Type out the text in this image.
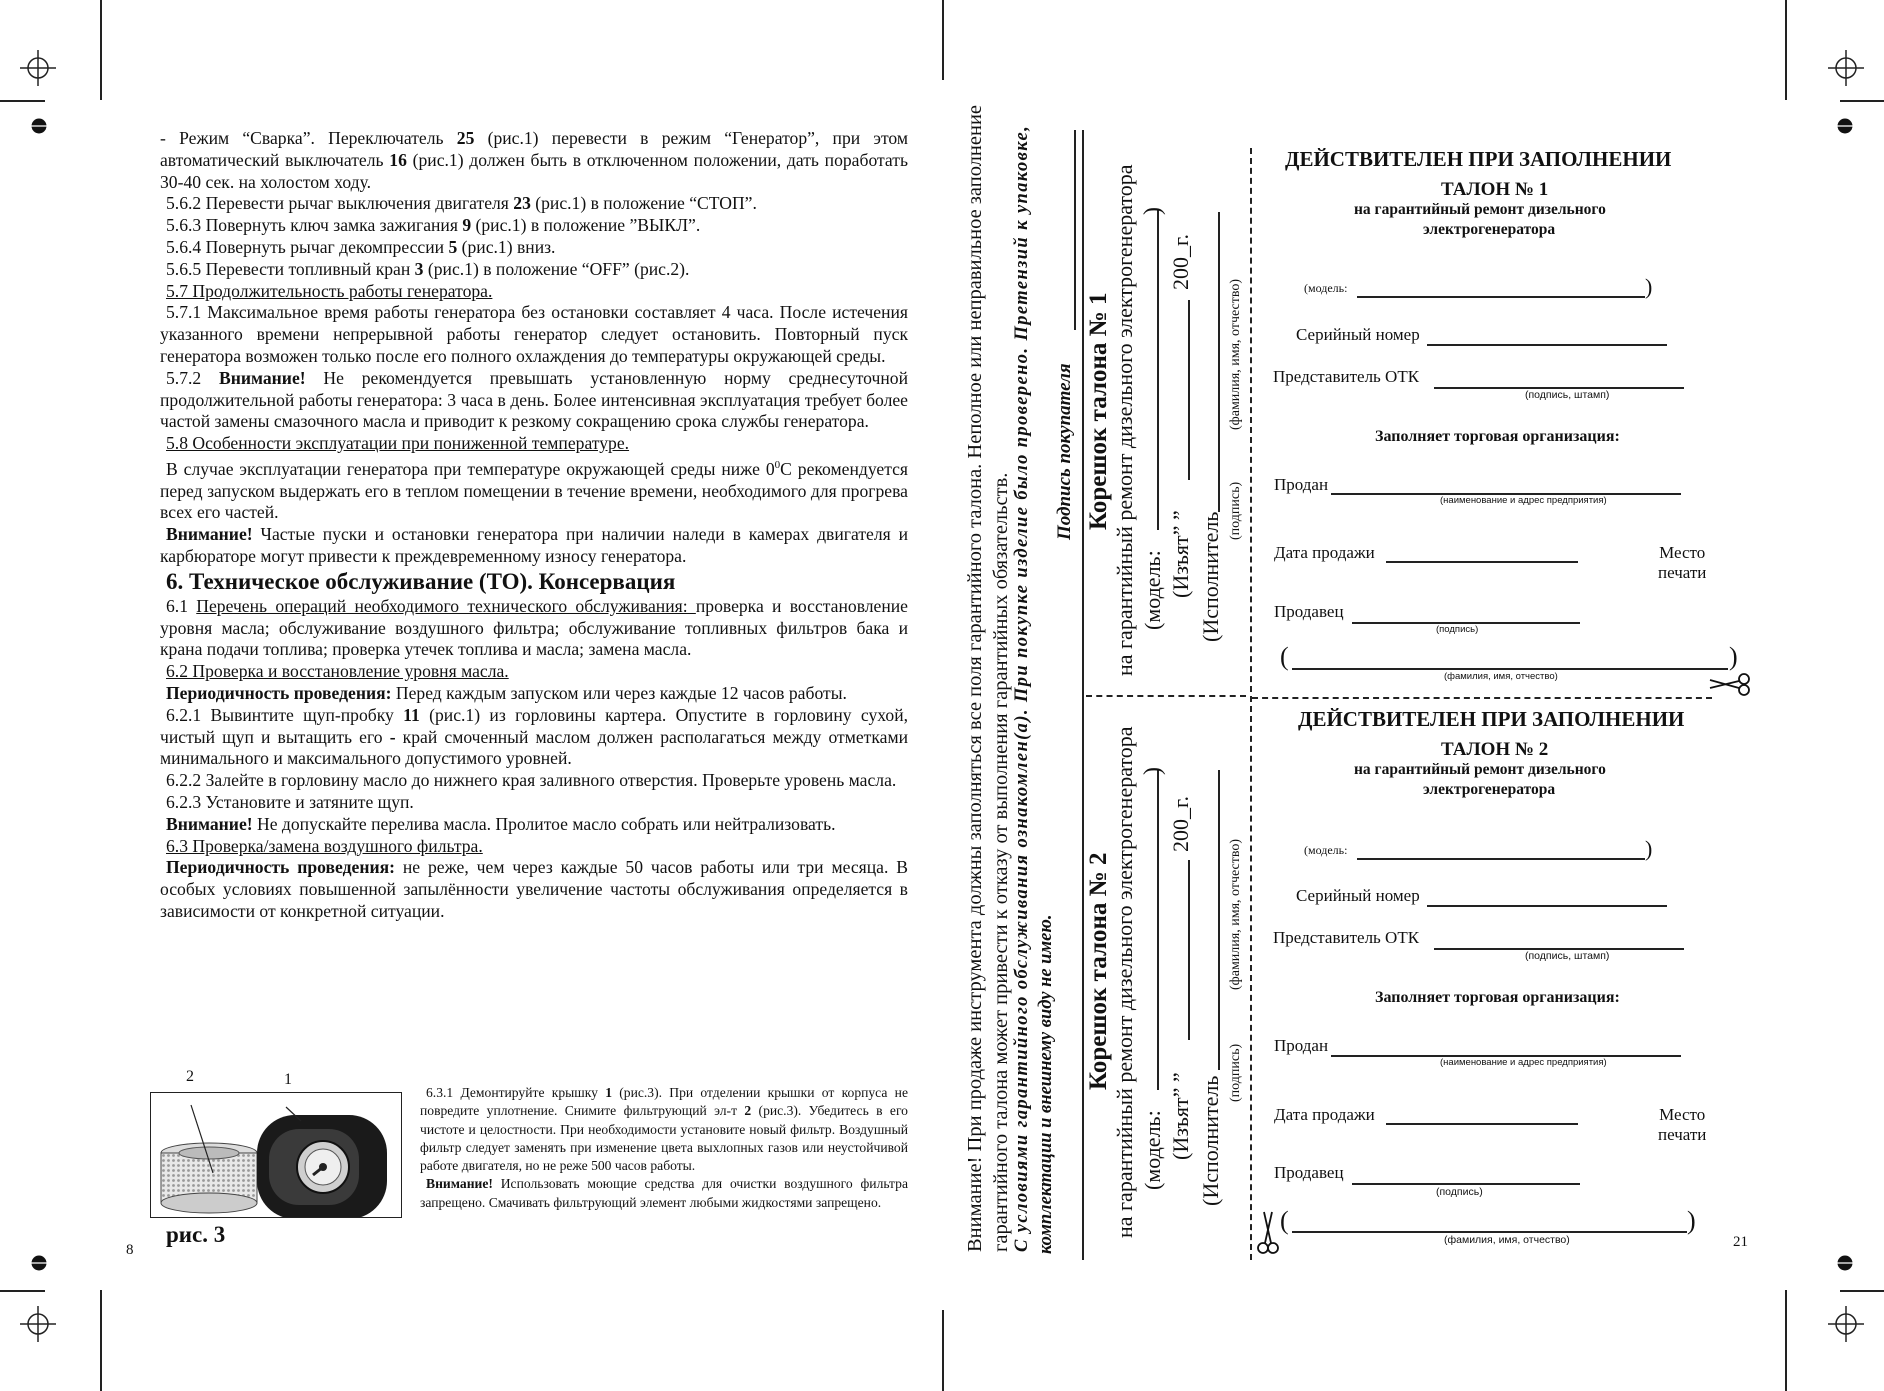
- Режим “Сварка”. Переключатель 25 (рис.1) перевести в режим “Генератор”, при этом автоматический выключатель 16 (рис.1) должен быть в отключенном положении, дать поработать 30-40 сек. на холостом ходу.

5.6.2 Перевести рычаг выключения двигателя 23 (рис.1) в положение “СТОП”.

5.6.3 Повернуть ключ замка зажигания 9 (рис.1) в положение ”ВЫКЛ”.

5.6.4 Повернуть рычаг декомпрессии 5 (рис.1) вниз.

5.6.5 Перевести топливный кран 3 (рис.1) в положение “OFF” (рис.2).

5.7 Продолжительность работы генератора.

5.7.1 Максимальное время работы генератора без остановки составляет 4 часа. После истечения указанного времени непрерывной работы генератор следует остановить. Повторный пуск генератора возможен только после его полного охлаждения до температуры окружающей среды.

5.7.2 Внимание! Не рекомендуется превышать установленную норму среднесуточной продолжительной работы генератора: 3 часа в день. Более интенсивная эксплуатация требует более частой замены смазочного масла и приводит к резкому сокращению срока службы генератора.

5.8 Особенности эксплуатации при пониженной температуре.

В случае эксплуатации генератора при температуре окружающей среды ниже $0^0С$ рекомендуется перед запуском выдержать его в теплом помещении в течение времени, необходимого для прогрева всех его частей.

Внимание! Частые пуски и остановки генератора при наличии наледи в камерах двигателя и карбюраторе могут привести к преждевременному износу генератора.

6. Техническое обслуживание (ТО). Консервация

6.1 Перечень операций необходимого технического обслуживания: проверка и восстановление уровня масла; обслуживание воздушного фильтра; обслуживание топливных фильтров бака и крана подачи топлива; проверка утечек топлива и масла; замена масла.

6.2 Проверка и восстановление уровня масла.

Периодичность проведения: Перед каждым запуском или через каждые 12 часов работы.

6.2.1 Вывинтите щуп-пробку 11 (рис.1) из горловины картера. Опустите в горловину сухой, чистый щуп и вытащить его - край смоченный маслом должен располагаться между отметками минимального и максимального допустимого уровней.

6.2.2 Залейте в горловину масло до нижнего края заливного отверстия. Проверьте уровень масла.

6.2.3 Установите и затяните щуп.

Внимание! Не допускайте перелива масла. Пролитое масло собрать или нейтрализовать.

6.3 Проверка/замена воздушного фильтра.

Периодичность проведения: не реже, чем через каждые 50 часов работы или три месяца. В особых условиях повышенной запылённости увеличение частоты обслуживания определяется в зависимости от конкретной ситуации.

2	1
рис. 3

6.3.1 Демонтируйте крышку 1 (рис.3). При отделении крышки от корпуса не повредите уплотнение. Снимите фильтрующий эл-т 2 (рис.3). Убедитесь в его чистоте и целостности. При необходимости установите новый фильтр. Воздушный фильтр следует заменять при изменение цвета выхлопных газов или неустойчивой работе двигателя, но не реже 500 часов работы.

Внимание! Использовать моющие средства для очистки воздушного фильтра запрещено. Смачивать фильтрующий элемент любыми жидкостями запрещено.

8	Внимание! При продаже инструмента должны заполняться все поля гарантийного талона. Неполное или неправильное заполнение гарантийного талона может привести к отказу от выполнения гарантийных обязательств. С условиями гарантийного обслуживания ознакомлен(а). При покупке изделие было проверено. Претензий к упаковке, комплектации и внешнему виду не имею.
Подпись покупателя Корешок талона № 1 на гарантийный ремонт дизельного электрогенератора (модель:
)
(Изъят” ”
200_г.
(Исполнитель
(подпись)
(фамилия, имя, отчество)
Корешок талона № 2 на гарантийный ремонт дизельного электрогенератора (модель:
)
(Изъят” ”
200_г.
(Исполнитель
(подпись)
(фамилия, имя, отчество)
ДЕЙСТВИТЕЛЕН ПРИ ЗАПОЛНЕНИИ
ТАЛОН № 1
на гарантийный ремонт дизельного
электрогенератора
(модель:	)
Серийный номер
Представитель ОТК
(подпись, штамп)
Заполняет торговая организация:
Продан
(наименование и адрес предприятия)
Дата продажи	Место
печати
Продавец
(подпись)
(	)
(фамилия, имя, отчество)
ДЕЙСТВИТЕЛЕН ПРИ ЗАПОЛНЕНИИ
ТАЛОН № 2
на гарантийный ремонт дизельного
электрогенератора
(модель:	)
Серийный номер
Представитель ОТК
(подпись, штамп)
Заполняет торговая организация:
Продан
(наименование и адрес предприятия)
Дата продажи	Место
печати
Продавец
(подпись)
(	)
(фамилия, имя, отчество)	21
